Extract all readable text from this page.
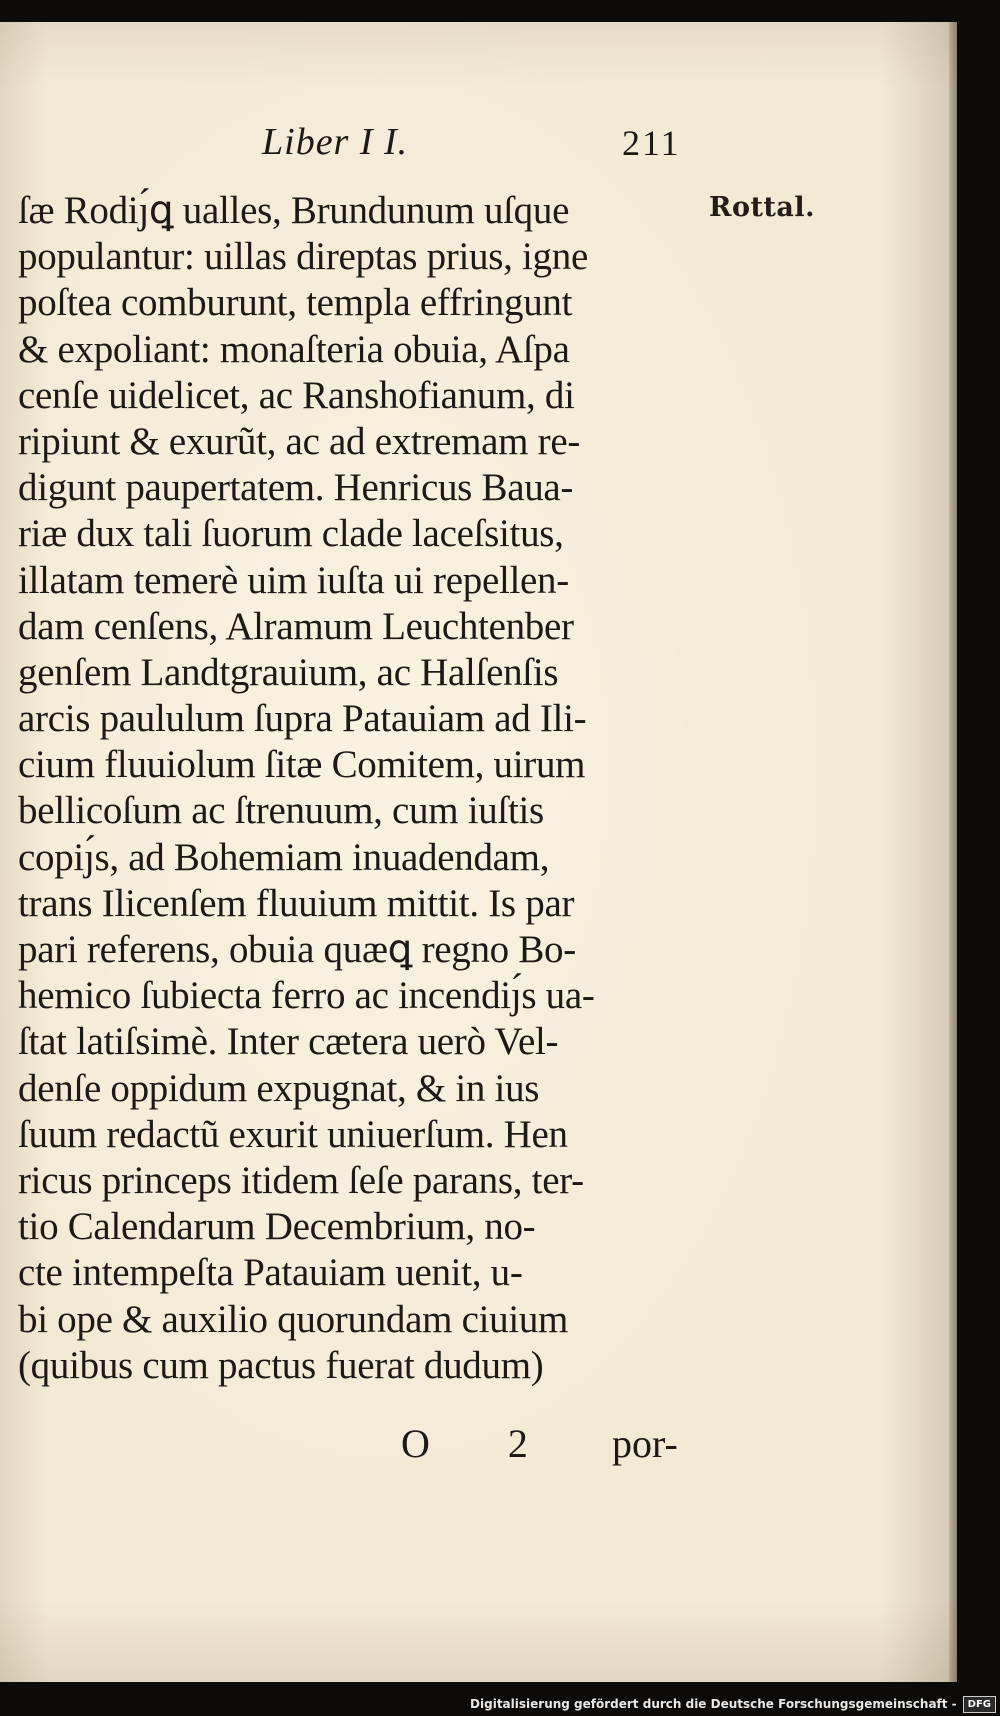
Liber I I.	211
Rottal.
ſæ Rodiȷ́ꝗ ualles, Brundunum uſque
populantur: uillas direptas prius, igne
poſtea comburunt, templa effringunt
& expoliant: monaſteria obuia, Aſpa
cenſe uidelicet, ac Ranshofianum, di
ripiunt & exurũt, ac ad extremam re-
digunt paupertatem. Henricus Baua-
riæ dux tali ſuorum clade laceſsitus,
illatam temerè uim iuſta ui repellen-
dam cenſens, Alramum Leuchtenber
genſem Landtgrauium, ac Halſenſis
arcis paululum ſupra Patauiam ad Ili-
cium fluuiolum ſitæ Comitem, uirum
bellicoſum ac ſtrenuum, cum iuſtis
copiȷ́s, ad Bohemiam inuadendam,
trans Ilicenſem fluuium mittit. Is par
pari referens, obuia quæꝗ regno Bo-
hemico ſubiecta ferro ac incendiȷ́s ua-
ſtat latiſsimè. Inter cætera uerò Vel-
denſe oppidum expugnat, & in ius
ſuum redactũ exurit uniuerſum. Hen
ricus princeps itidem ſeſe parans, ter-
tio Calendarum Decembrium, no-
cte intempeſta Patauiam uenit, u-
bi ope & auxilio quorundam ciuium
(quibus cum pactus fuerat dudum)
O 2 por-
Digitalisierung gefördert durch die Deutsche Forschungsgemeinschaft -	DFG
